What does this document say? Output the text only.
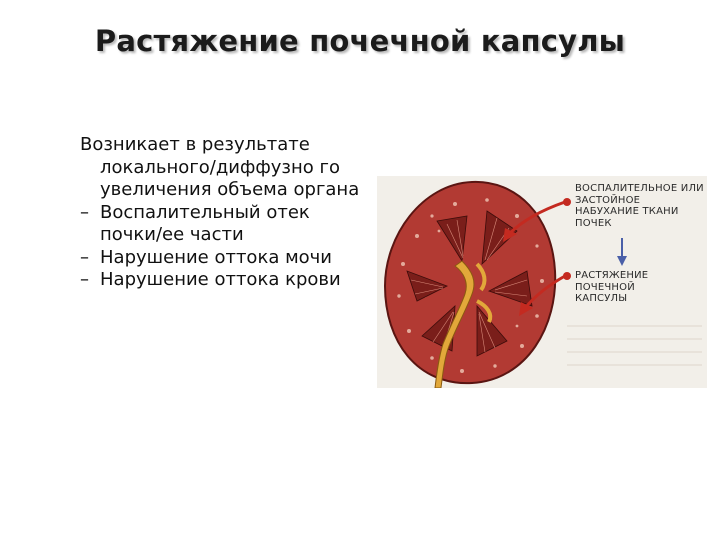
Растяжение почечной капсулы

Возникает в результате локального/диффузно го увеличения объема органа

– Воспалительный отек почки/ее части
– Нарушение оттока мочи
– Нарушение оттока крови
ВОСПАЛИТЕЛЬНОЕ ИЛИ ЗАСТОЙНОЕ НАБУХАНИЕ ТКАНИ ПОЧЕК
РАСТЯЖЕНИЕ ПОЧЕЧНОЙ КАПСУЛЫ
